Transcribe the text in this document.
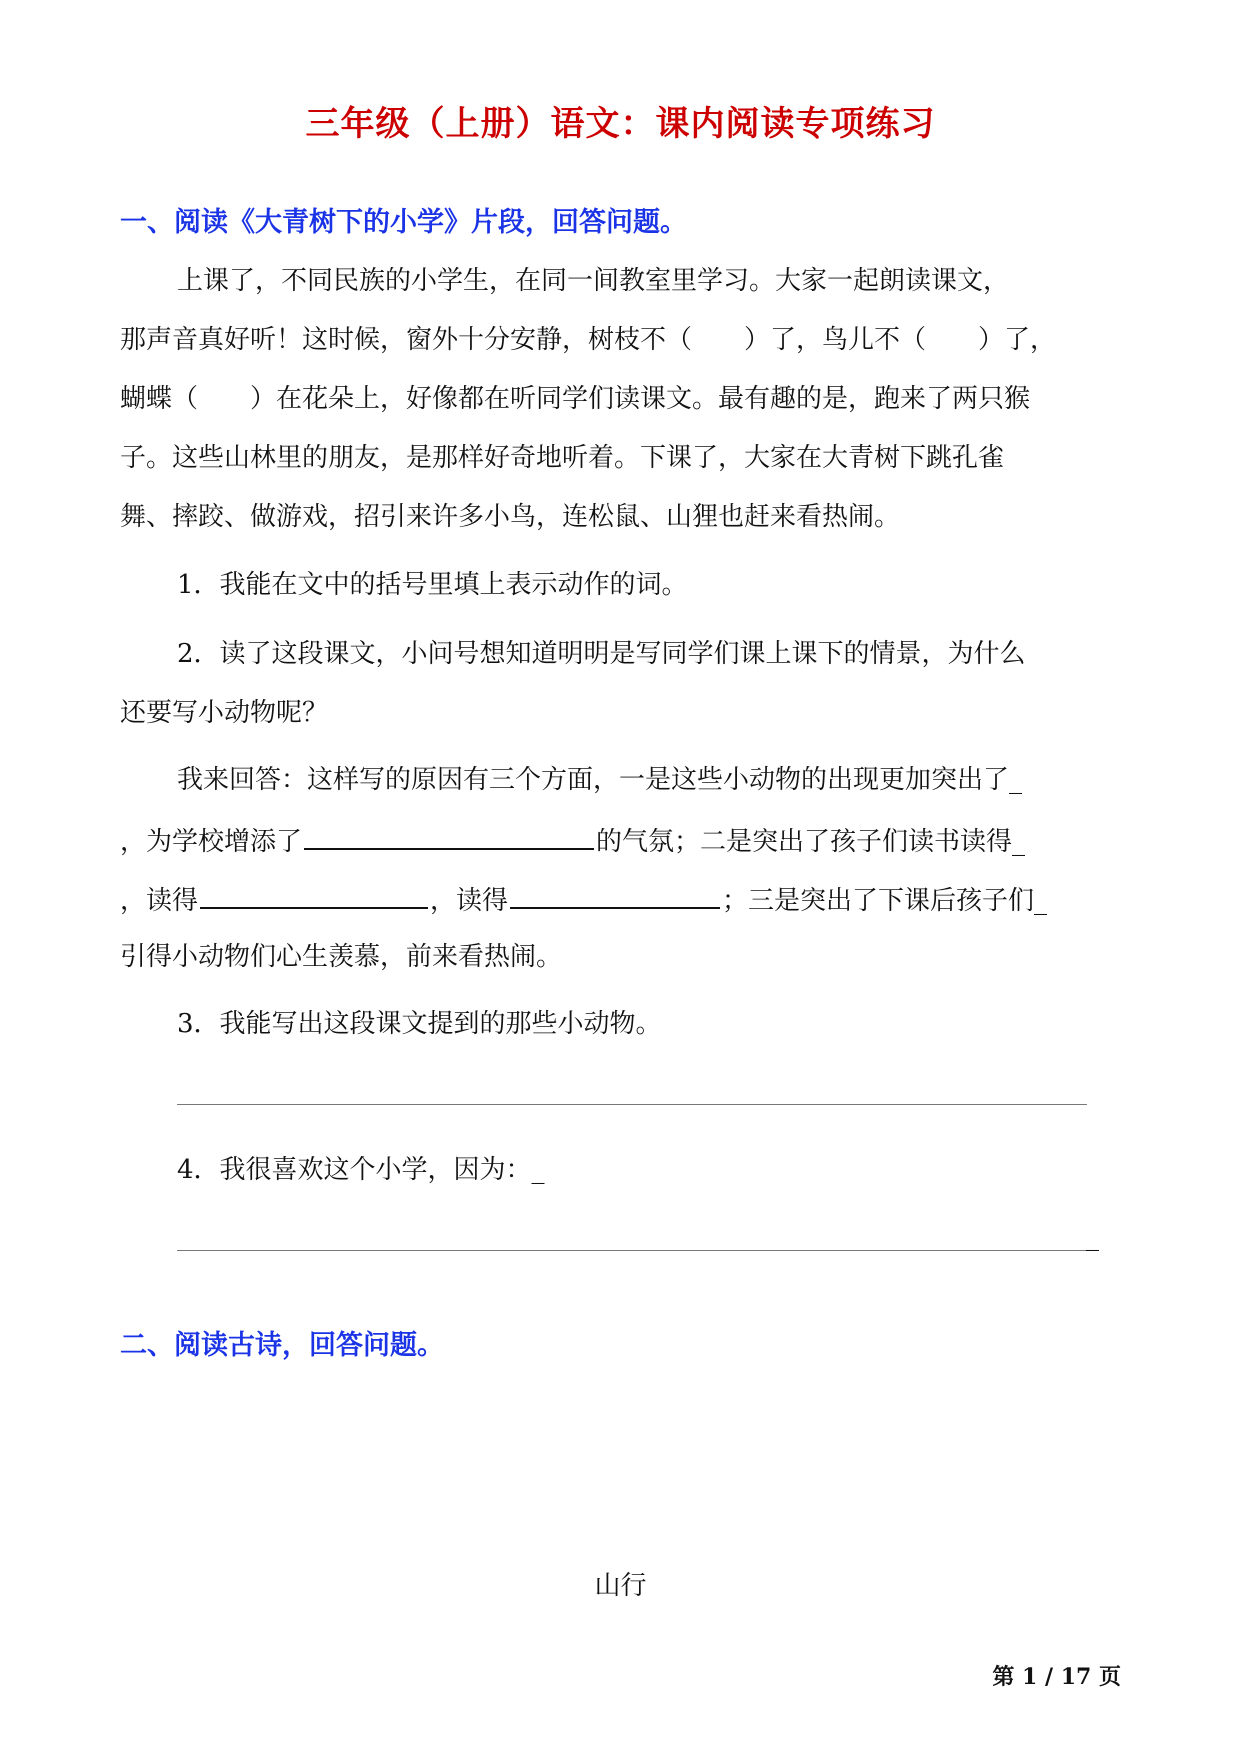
三年级（上册）语文：课内阅读专项练习
一、阅读《大青树下的小学》片段，回答问题。
上课了，不同民族的小学生，在同一间教室里学习。大家一起朗读课文，
那声音真好听！这时候，窗外十分安静，树枝不（　　）了，鸟儿不（　　）了，
蝴蝶（　　）在花朵上，好像都在听同学们读课文。最有趣的是，跑来了两只猴
子。这些山林里的朋友，是那样好奇地听着。下课了，大家在大青树下跳孔雀
舞、摔跤、做游戏，招引来许多小鸟，连松鼠、山狸也赶来看热闹。
1．我能在文中的括号里填上表示动作的词。
2．读了这段课文，小问号想知道明明是写同学们课上课下的情景，为什么
还要写小动物呢？
我来回答：这样写的原因有三个方面，一是这些小动物的出现更加突出了_
，为学校增添了	的气氛；二是突出了孩子们读书读得_
，读得	，读得	；三是突出了下课后孩子们_
引得小动物们心生羡慕，前来看热闹。
3．我能写出这段课文提到的那些小动物。
4．我很喜欢这个小学，因为：_
_
二、阅读古诗，回答问题。
山行
第 1 / 17 页
